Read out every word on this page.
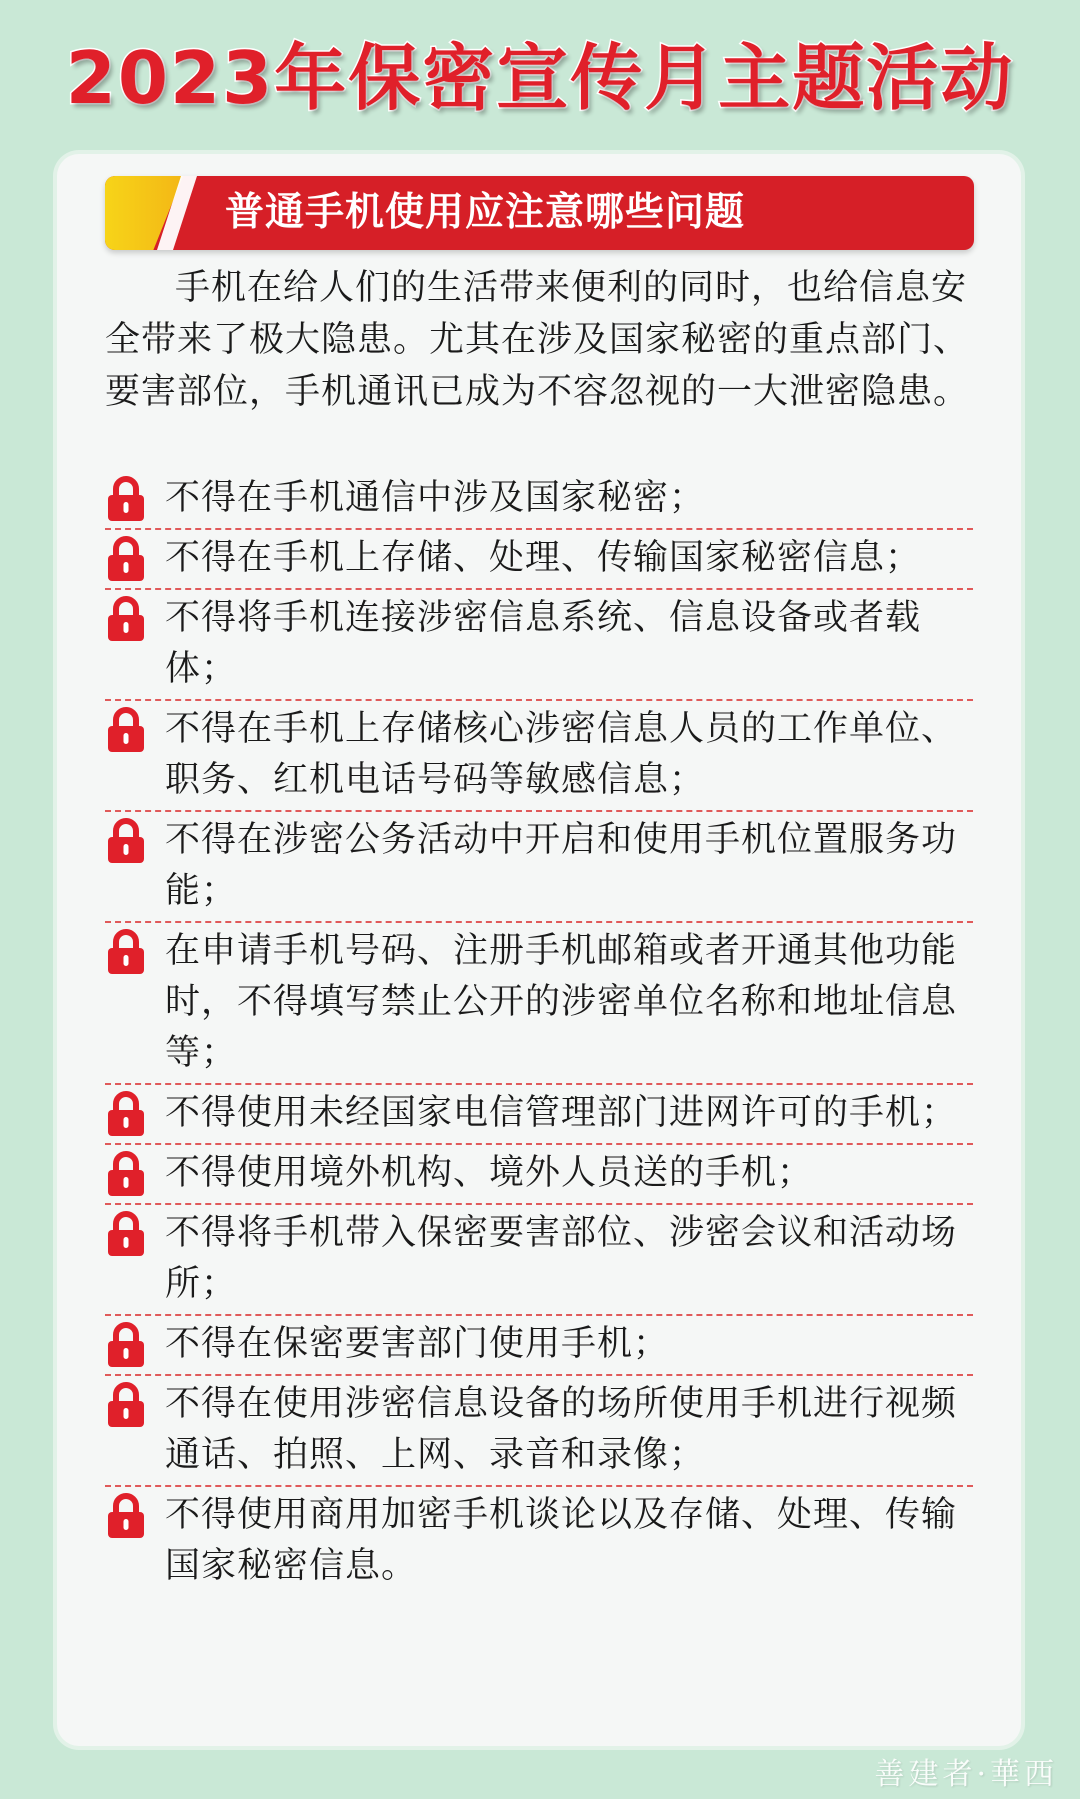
2023年保密宣传月主题活动
普通手机使用应注意哪些问题
手机在给人们的生活带来便利的同时，也给信息安全带来了极大隐患。尤其在涉及国家秘密的重点部门、要害部位，手机通讯已成为不容忽视的一大泄密隐患。
不得在手机通信中涉及国家秘密；
不得在手机上存储、处理、传输国家秘密信息；
不得将手机连接涉密信息系统、信息设备或者载体；
不得在手机上存储核心涉密信息人员的工作单位、职务、红机电话号码等敏感信息；
不得在涉密公务活动中开启和使用手机位置服务功能；
在申请手机号码、注册手机邮箱或者开通其他功能时，不得填写禁止公开的涉密单位名称和地址信息等；
不得使用未经国家电信管理部门进网许可的手机；
不得使用境外机构、境外人员送的手机；
不得将手机带入保密要害部位、涉密会议和活动场所；
不得在保密要害部门使用手机；
不得在使用涉密信息设备的场所使用手机进行视频通话、拍照、上网、录音和录像；
不得使用商用加密手机谈论以及存储、处理、传输国家秘密信息。
善建者·華西
